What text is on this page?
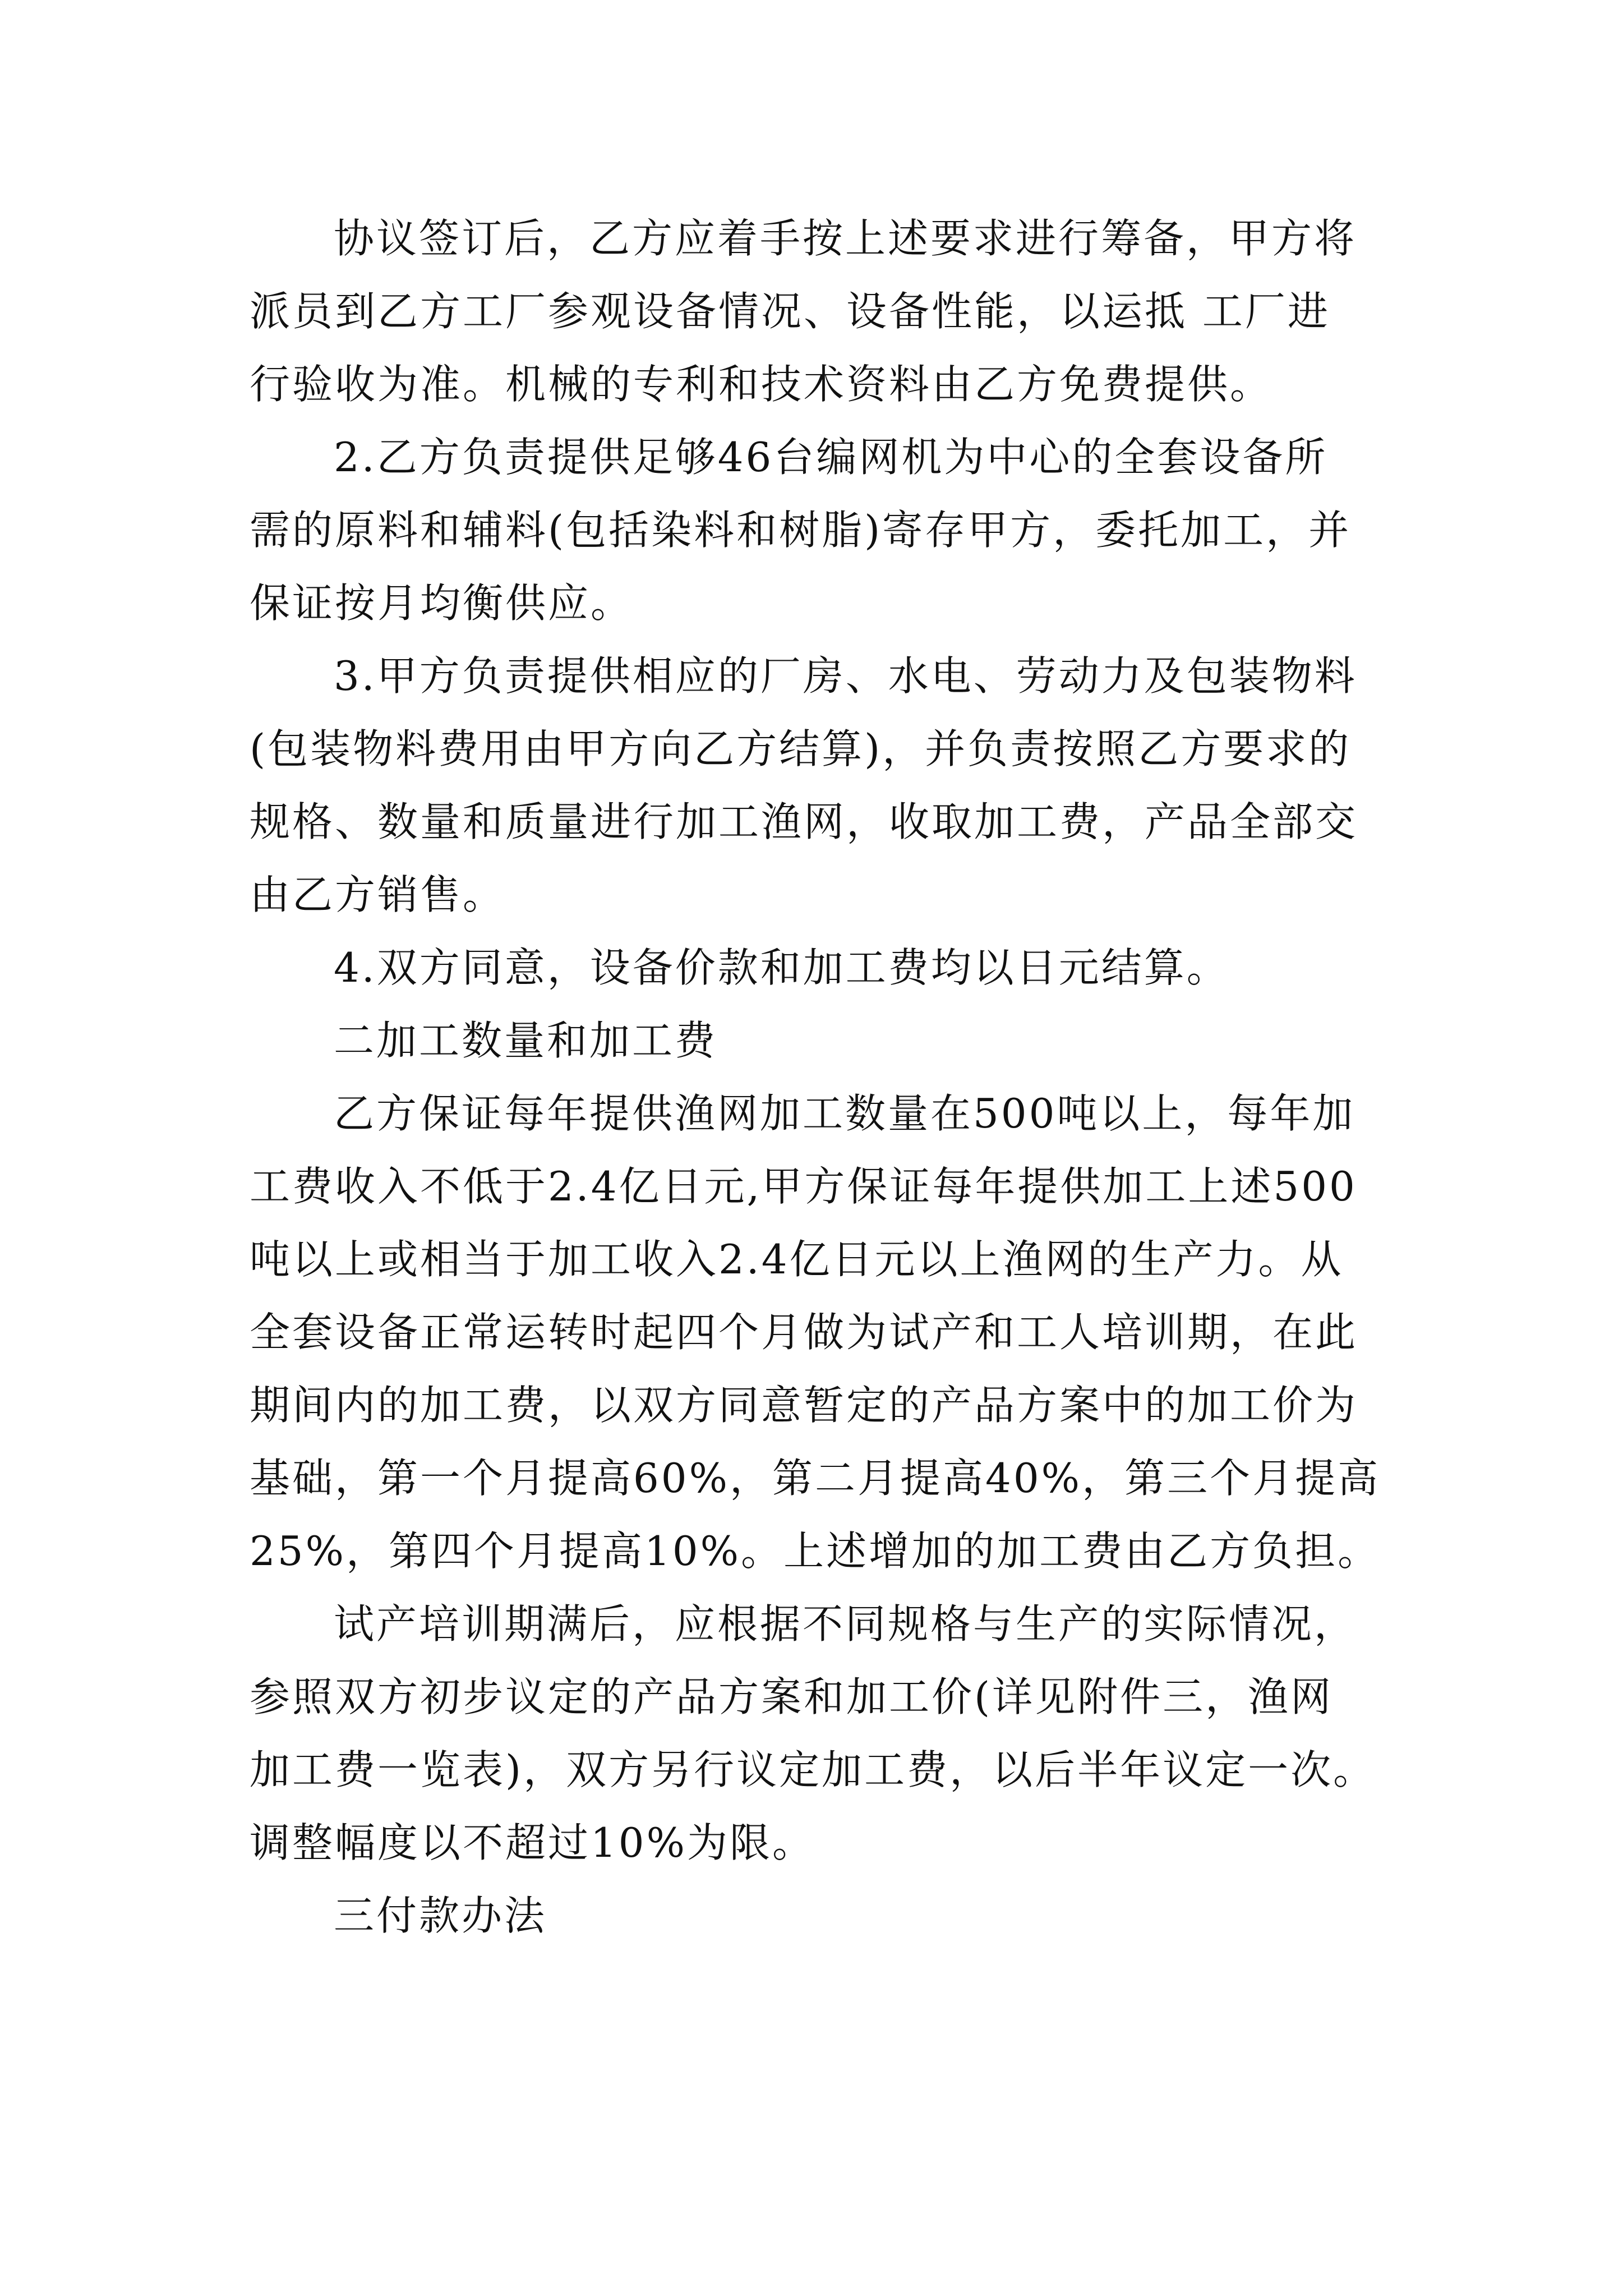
协议签订后，乙方应着手按上述要求进行筹备，甲方将
派员到乙方工厂参观设备情况、设备性能，以运抵 工厂进
行验收为准。机械的专利和技术资料由乙方免费提供。
2.乙方负责提供足够46台编网机为中心的全套设备所
需的原料和辅料(包括染料和树脂)寄存甲方，委托加工，并
保证按月均衡供应。
3.甲方负责提供相应的厂房、水电、劳动力及包装物料
(包装物料费用由甲方向乙方结算)，并负责按照乙方要求的
规格、数量和质量进行加工渔网，收取加工费，产品全部交
由乙方销售。
4.双方同意，设备价款和加工费均以日元结算。
二加工数量和加工费
乙方保证每年提供渔网加工数量在500吨以上，每年加
工费收入不低于2.4亿日元,甲方保证每年提供加工上述500
吨以上或相当于加工收入2.4亿日元以上渔网的生产力。从
全套设备正常运转时起四个月做为试产和工人培训期，在此
期间内的加工费，以双方同意暂定的产品方案中的加工价为
基础，第一个月提高60%，第二月提高40%，第三个月提高
25%，第四个月提高10%。上述增加的加工费由乙方负担。
试产培训期满后，应根据不同规格与生产的实际情况，
参照双方初步议定的产品方案和加工价(详见附件三，渔网
加工费一览表)，双方另行议定加工费，以后半年议定一次。
调整幅度以不超过10%为限。
三付款办法
